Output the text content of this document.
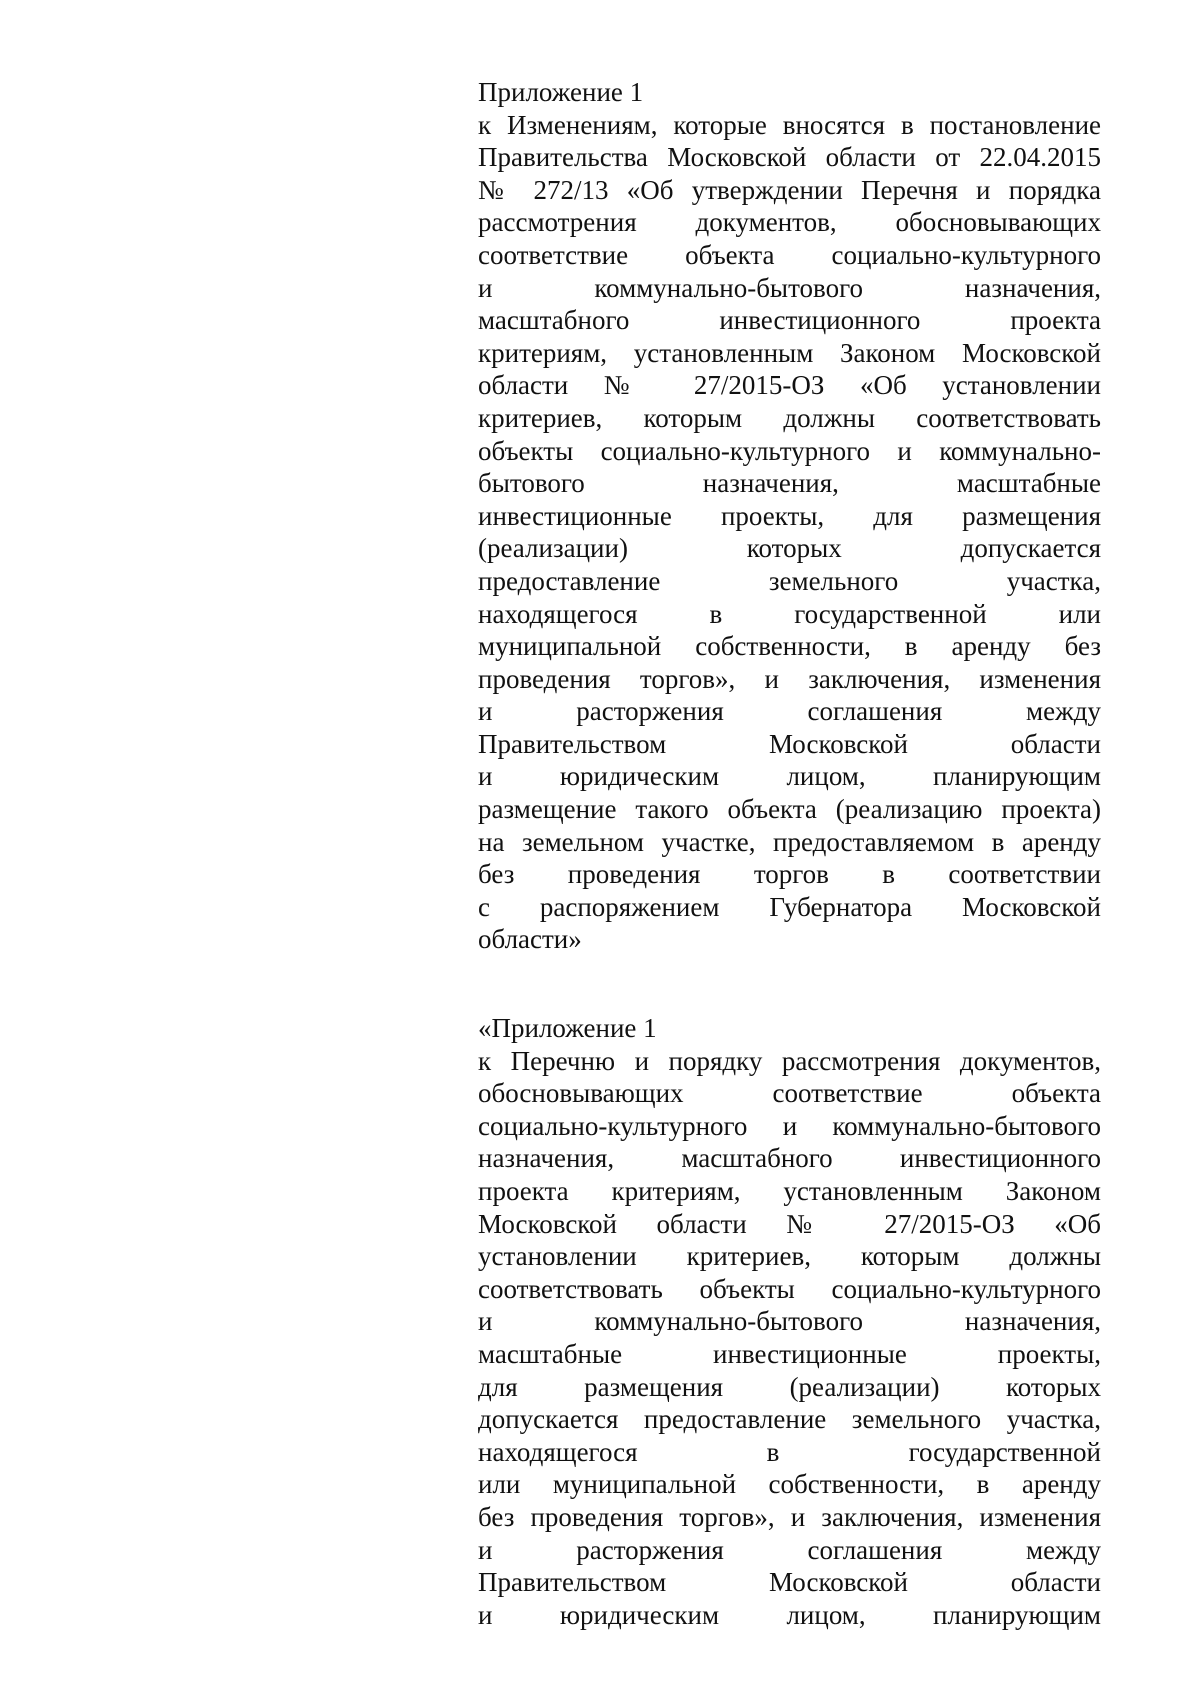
Приложение 1
к Изменениям, которые вносятся в постановление
Правительства Московской области от 22.04.2015
№ 272/13 «Об утверждении Перечня и порядка
рассмотрения документов, обосновывающих
соответствие объекта социально-культурного
и коммунально-бытового назначения,
масштабного инвестиционного проекта
критериям, установленным Законом Московской
области № 27/2015-ОЗ «Об установлении
критериев, которым должны соответствовать
объекты социально-культурного и коммунально-
бытового назначения, масштабные
инвестиционные проекты, для размещения
(реализации) которых допускается
предоставление земельного участка,
находящегося в государственной или
муниципальной собственности, в аренду без
проведения торгов», и заключения, изменения
и расторжения соглашения между
Правительством Московской области
и юридическим лицом, планирующим
размещение такого объекта (реализацию проекта)
на земельном участке, предоставляемом в аренду
без проведения торгов в соответствии
с распоряжением Губернатора Московской
области»
«Приложение 1
к Перечню и порядку рассмотрения документов,
обосновывающих соответствие объекта
социально-культурного и коммунально-бытового
назначения, масштабного инвестиционного
проекта критериям, установленным Законом
Московской области № 27/2015-ОЗ «Об
установлении критериев, которым должны
соответствовать объекты социально-культурного
и коммунально-бытового назначения,
масштабные инвестиционные проекты,
для размещения (реализации) которых
допускается предоставление земельного участка,
находящегося в государственной
или муниципальной собственности, в аренду
без проведения торгов», и заключения, изменения
и расторжения соглашения между
Правительством Московской области
и юридическим лицом, планирующим
